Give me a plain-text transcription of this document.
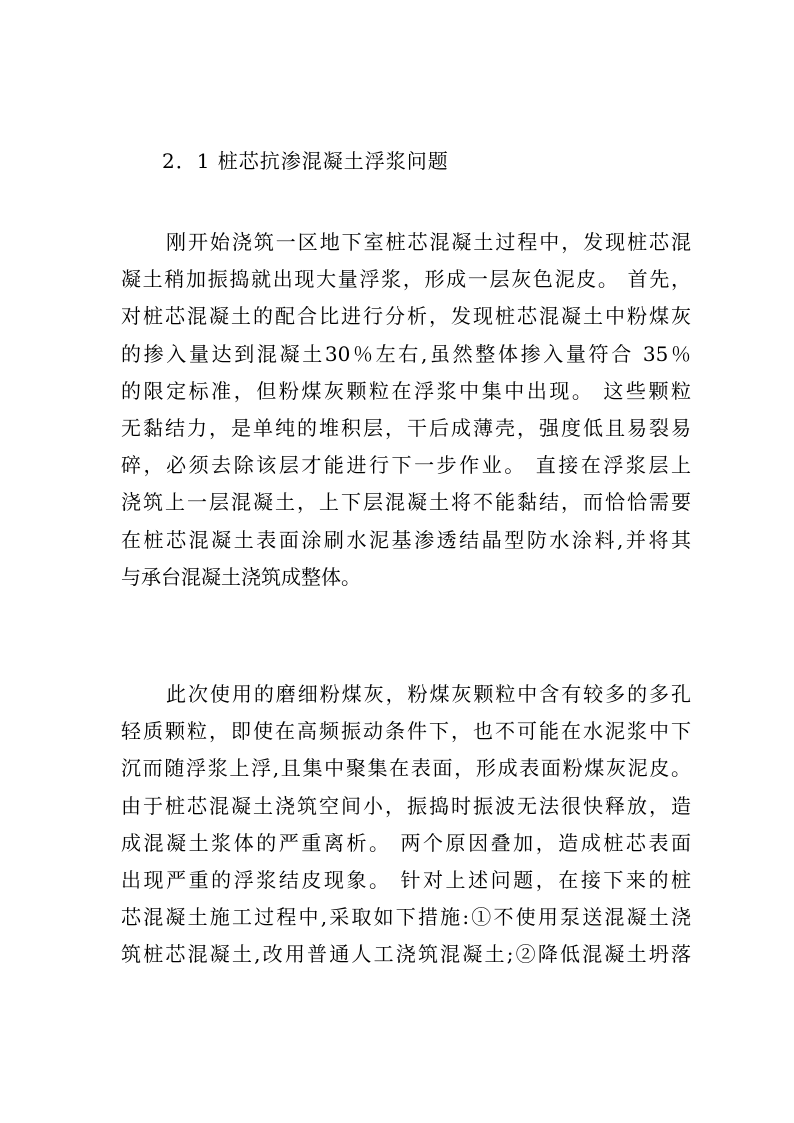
2．1 桩芯抗渗混凝土浮浆问题
刚开始浇筑一区地下室桩芯混凝土过程中，发现桩芯混
凝土稍加振捣就出现大量浮浆，形成一层灰色泥皮。 首先，
对桩芯混凝土的配合比进行分析，发现桩芯混凝土中粉煤灰
的掺入量达到混凝土30％左右,虽然整体掺入量符合 35％
的限定标准，但粉煤灰颗粒在浮浆中集中出现。 这些颗粒
无黏结力，是单纯的堆积层，干后成薄壳，强度低且易裂易
碎，必须去除该层才能进行下一步作业。 直接在浮浆层上
浇筑上一层混凝土，上下层混凝土将不能黏结，而恰恰需要
在桩芯混凝土表面涂刷水泥基渗透结晶型防水涂料,并将其
与承台混凝土浇筑成整体。
此次使用的磨细粉煤灰，粉煤灰颗粒中含有较多的多孔
轻质颗粒，即使在高频振动条件下，也不可能在水泥浆中下
沉而随浮浆上浮,且集中聚集在表面，形成表面粉煤灰泥皮。
由于桩芯混凝土浇筑空间小，振捣时振波无法很快释放，造
成混凝土浆体的严重离析。 两个原因叠加，造成桩芯表面
出现严重的浮浆结皮现象。 针对上述问题，在接下来的桩
芯混凝土施工过程中,采取如下措施:①不使用泵送混凝土浇
筑桩芯混凝土,改用普通人工浇筑混凝土;②降低混凝土坍落
